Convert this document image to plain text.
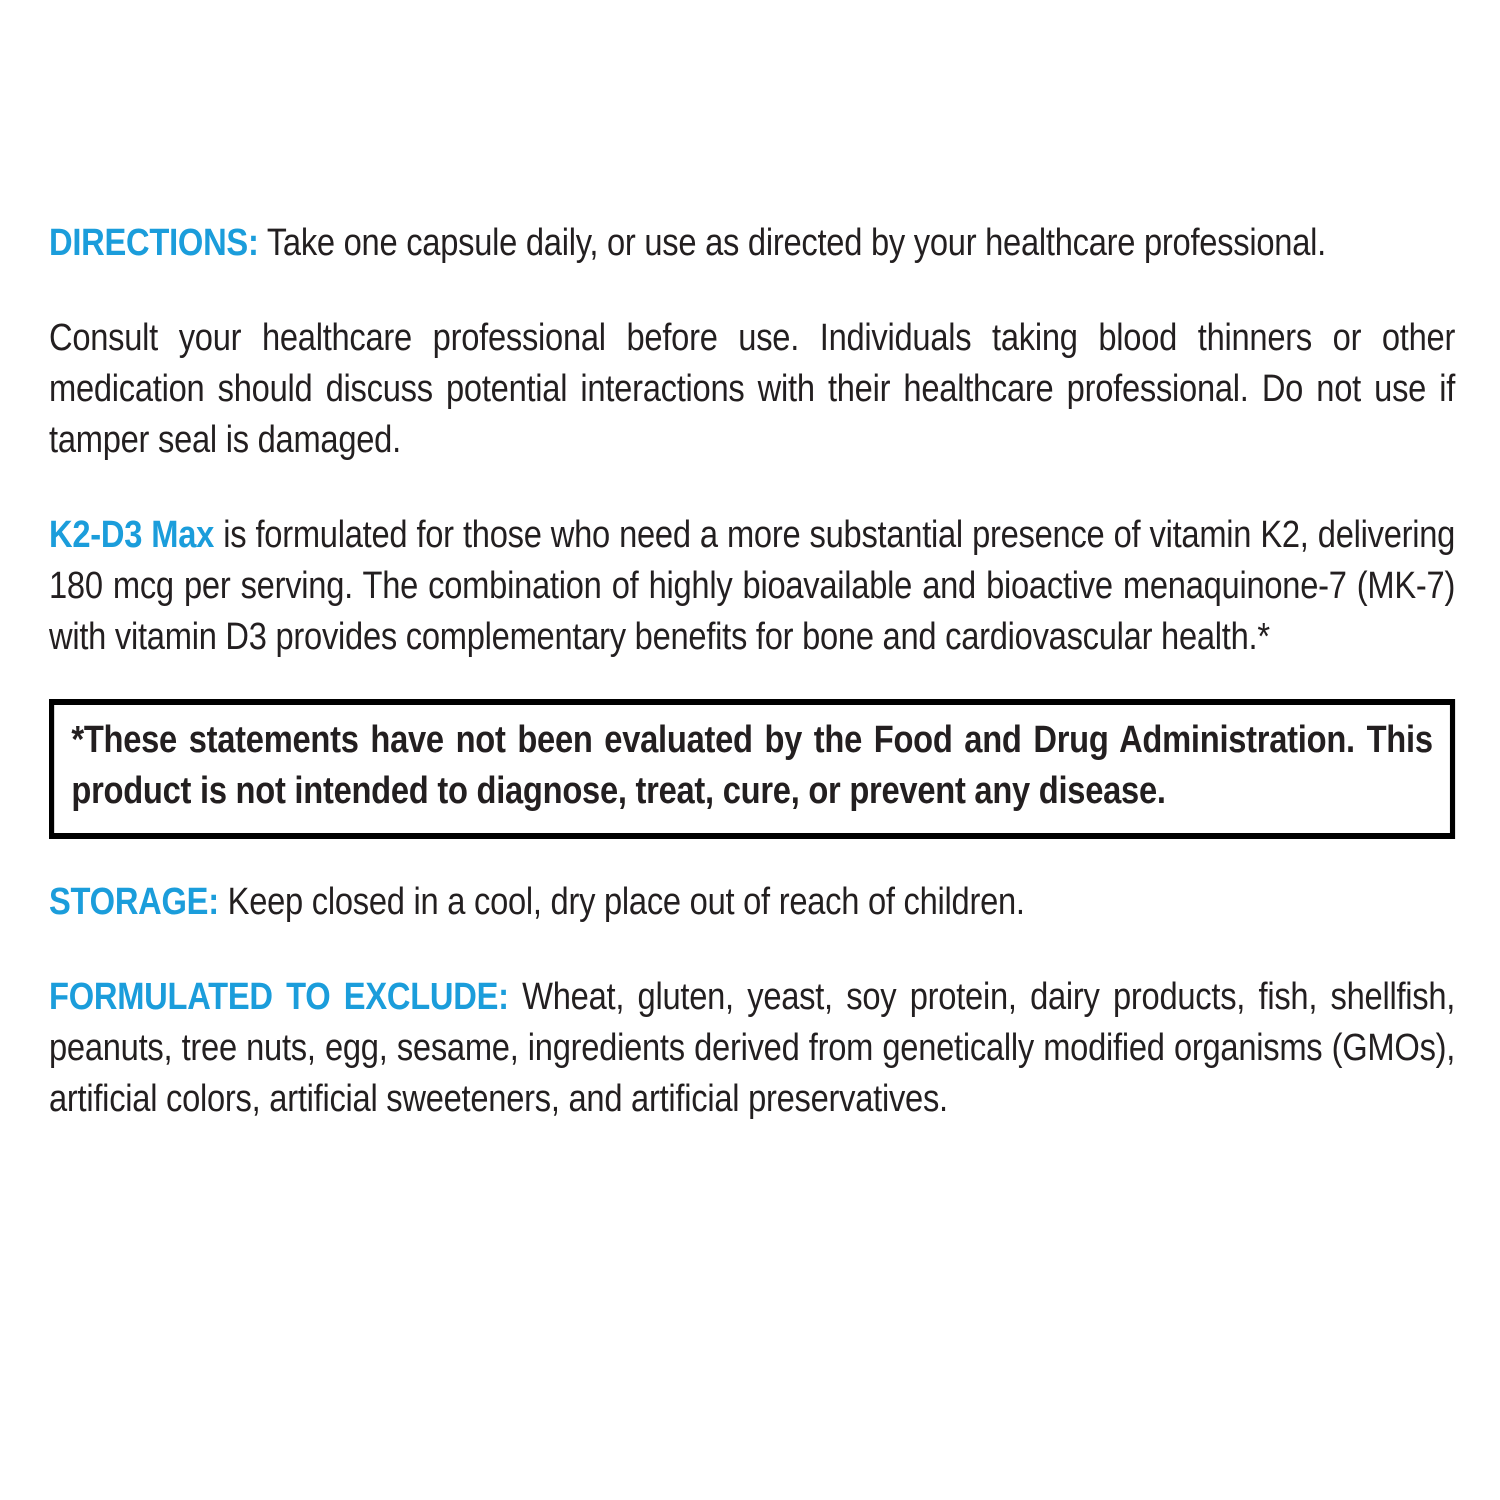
DIRECTIONS: Take one capsule daily, or use as directed by your healthcare professional.

Consult your healthcare professional before use. Individuals taking blood thinners or other medication should discuss potential interactions with their healthcare professional. Do not use if tamper seal is damaged.

K2-D3 Max is formulated for those who need a more substantial presence of vitamin K2, delivering 180 mcg per serving. The combination of highly bioavailable and bioactive menaquinone-7 (MK-7) with vitamin D3 provides complementary benefits for bone and cardiovascular health.*

*These statements have not been evaluated by the Food and Drug Administration. This product is not intended to diagnose, treat, cure, or prevent any disease.

STORAGE: Keep closed in a cool, dry place out of reach of children.

FORMULATED TO EXCLUDE: Wheat, gluten, yeast, soy protein, dairy products, fish, shellfish, peanuts, tree nuts, egg, sesame, ingredients derived from genetically modified organisms (GMOs), artificial colors, artificial sweeteners, and artificial preservatives.
